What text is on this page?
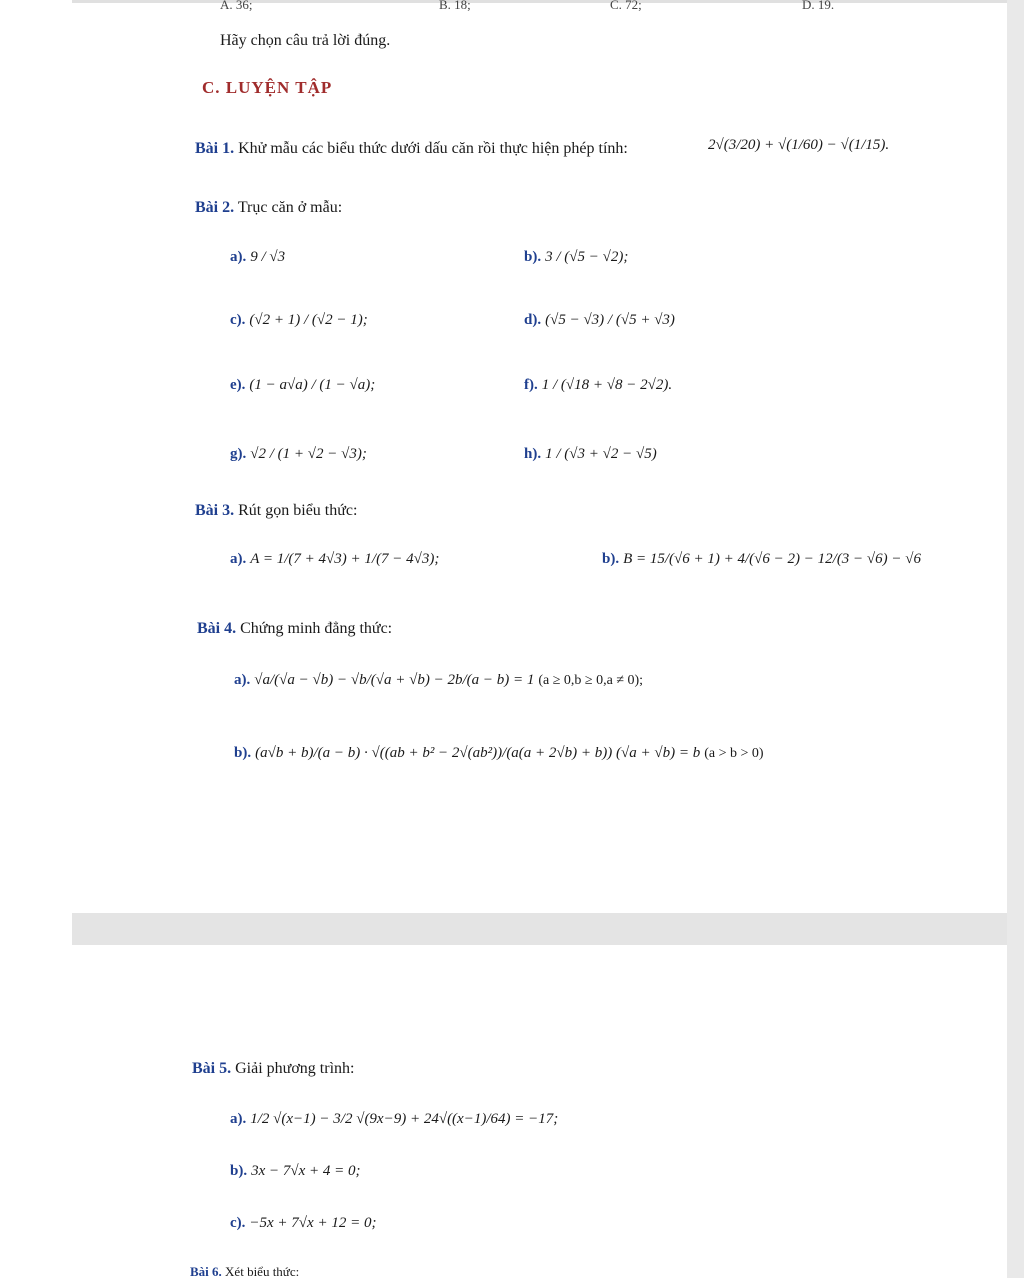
A. 36;	B. 18;	C. 72;	D. 19.
Hãy chọn câu trả lời đúng.
C. LUYỆN TẬP
Bài 1. Khử mẫu các biểu thức dưới dấu căn rồi thực hiện phép tính:	2√(3/20) + √(1/60) − √(1/15).
Bài 2. Trục căn ở mẫu:
a). 9 / √3	b). 3 / (√5 − √2);
c). (√2 + 1) / (√2 − 1);	d). (√5 − √3) / (√5 + √3)
e). (1 − a√a) / (1 − √a);	f). 1 / (√18 + √8 − 2√2).
g). √2 / (1 + √2 − √3);	h). 1 / (√3 + √2 − √5)
Bài 3. Rút gọn biểu thức:
a). A = 1/(7 + 4√3) + 1/(7 − 4√3);	b). B = 15/(√6 + 1) + 4/(√6 − 2) − 12/(3 − √6) − √6
Bài 4. Chứng minh đẳng thức:
a). √a/(√a − √b) − √b/(√a + √b) − 2b/(a − b) = 1 (a ≥ 0,b ≥ 0,a ≠ 0);
b). (a√b + b)/(a − b) · √((ab + b² − 2√(ab²))/(a(a + 2√b) + b)) (√a + √b) = b (a > b > 0)
Bài 5. Giải phương trình:
a). 1/2 √(x−1) − 3/2 √(9x−9) + 24√((x−1)/64) = −17;
b). 3x − 7√x + 4 = 0;
c). −5x + 7√x + 12 = 0;
Bài 6. Xét biểu thức:
